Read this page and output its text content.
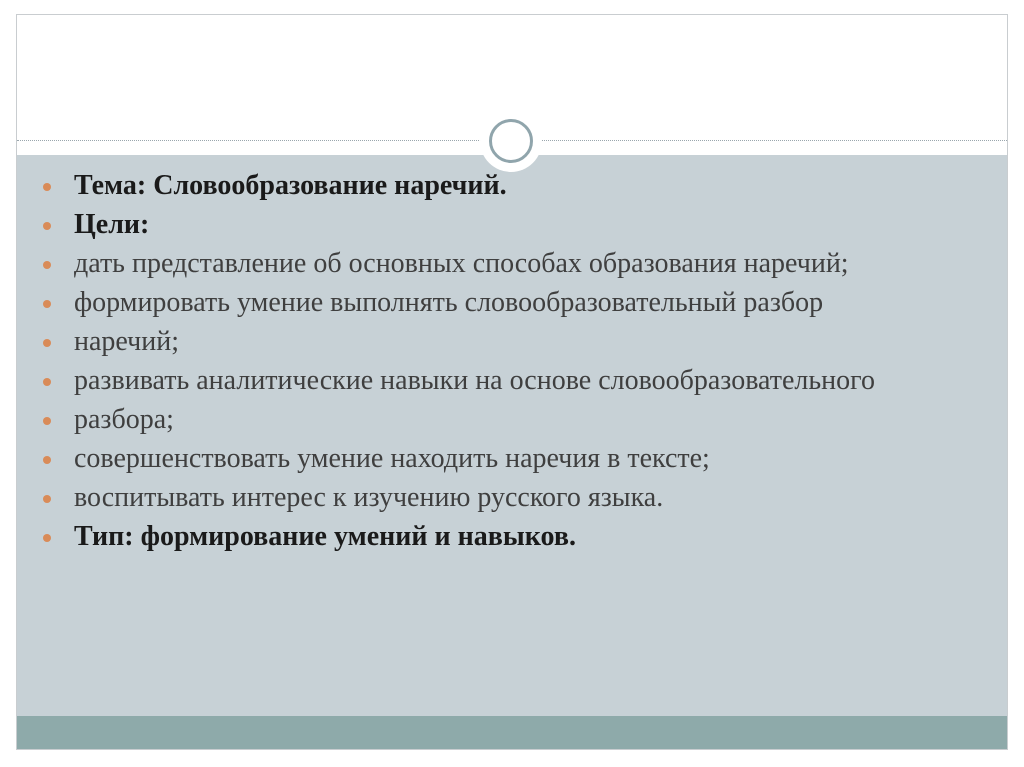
Тема: Словообразование наречий.
Цели:
дать представление об основных способах образования наречий;
формировать умение выполнять словообразовательный разбор
наречий;
развивать аналитические навыки на основе словообразовательного
разбора;
совершенствовать умение находить наречия в тексте;
воспитывать интерес к изучению русского языка.
Тип: формирование умений и навыков.
